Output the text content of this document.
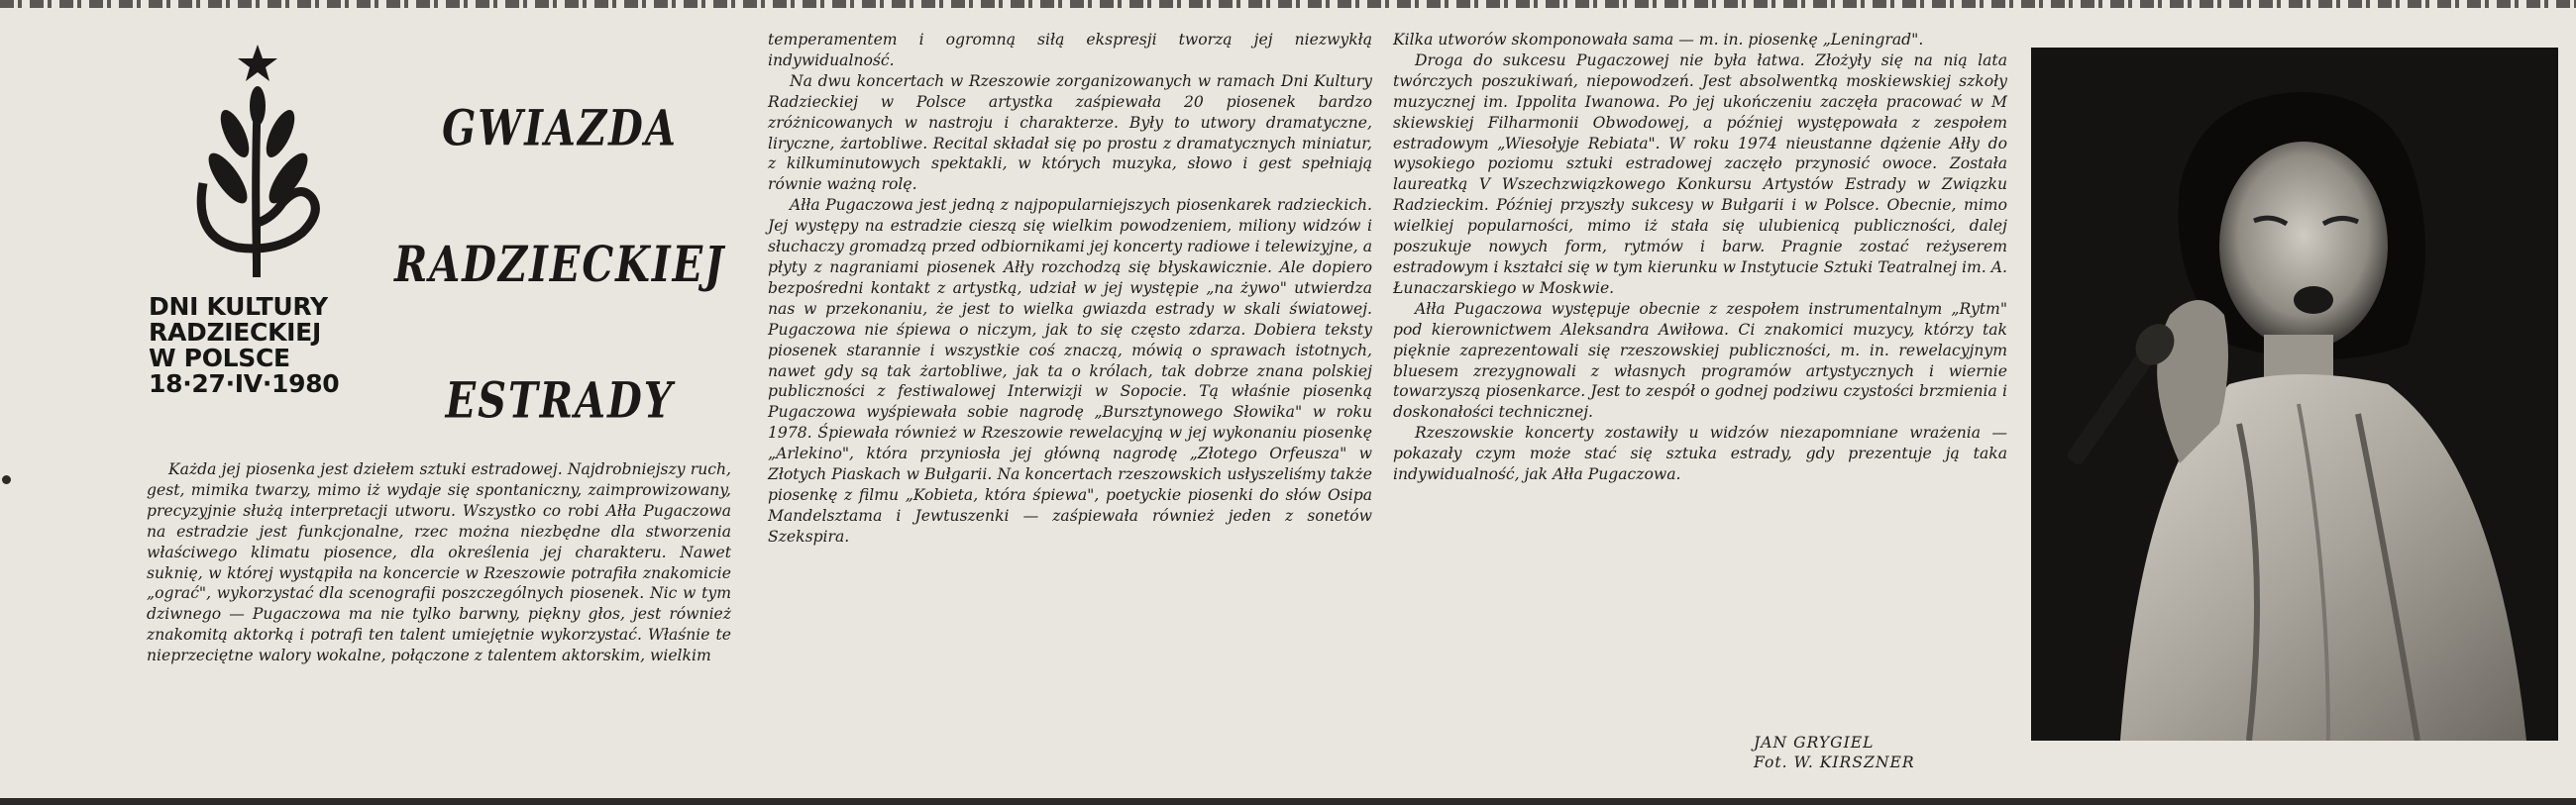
DNI KULTURY
RADZIECKIEJ
W POLSCE
18·27·IV·1980
GWIAZDA
RADZIECKIEJ
ESTRADY

Każda jej piosenka jest dziełem sztuki estradowej. Najdrobniejszy ruch, gest, mimika twarzy, mimo iż wydaje się spontaniczny, zaimprowizowany, precyzyjnie służą interpretacji utworu. Wszystko co robi Ałła Pugaczowa na estradzie jest funkcjonalne, rzec można niezbędne dla stworzenia właściwego klimatu piosence, dla określenia jej charakteru. Nawet suknię, w której wystąpiła na koncercie w Rzeszowie potrafiła znakomicie „ograć", wykorzystać dla scenografii poszczególnych piosenek. Nic w tym dziwnego — Pugaczowa ma nie tylko barwny, piękny głos, jest również znakomitą aktorką i potrafi ten talent umiejętnie wykorzystać. Właśnie te nieprzeciętne walory wokalne, połączone z talentem aktorskim, wielkim

temperamentem i ogromną siłą ekspresji tworzą jej niezwykłą indywidualność.

Na dwu koncertach w Rzeszowie zorganizowanych w ramach Dni Kultury Radzieckiej w Polsce artystka zaśpiewała 20 piosenek bardzo zróżnicowanych w nastroju i charakterze. Były to utwory dramatyczne, liryczne, żartobliwe. Recital składał się po prostu z dramatycznych miniatur, z kilkuminutowych spektakli, w których muzyka, słowo i gest spełniają równie ważną rolę.

Ałła Pugaczowa jest jedną z najpopularniejszych piosenkarek radzieckich. Jej występy na estradzie cieszą się wielkim powodzeniem, miliony widzów i słuchaczy gromadzą przed odbiornikami jej koncerty radiowe i telewizyjne, a płyty z nagraniami piosenek Ałły rozchodzą się błyskawicznie. Ale dopiero bezpośredni kontakt z artystką, udział w jej występie „na żywo" utwierdza nas w przekonaniu, że jest to wielka gwiazda estrady w skali światowej. Pugaczowa nie śpiewa o niczym, jak to się często zdarza. Dobiera teksty piosenek starannie i wszystkie coś znaczą, mówią o sprawach istotnych, nawet gdy są tak żartobliwe, jak ta o królach, tak dobrze znana polskiej publiczności z festiwalowej Interwizji w Sopocie. Tą właśnie piosenką Pugaczowa wyśpiewała sobie nagrodę „Bursztynowego Słowika" w roku 1978. Śpiewała również w Rzeszowie rewelacyjną w jej wykonaniu piosenkę „Arlekino", która przyniosła jej główną nagrodę „Złotego Orfeusza" w Złotych Piaskach w Bułgarii. Na koncertach rzeszowskich usłyszeliśmy także piosenkę z filmu „Kobieta, która śpiewa", poetyckie piosenki do słów Osipa Mandelsztama i Jewtuszenki — zaśpiewała również jeden z sonetów Szekspira.

Kilka utworów skomponowała sama — m. in. piosenkę „Leningrad".

Droga do sukcesu Pugaczowej nie była łatwa. Złożyły się na nią lata twórczych poszukiwań, niepowodzeń. Jest absolwentką moskiewskiej szkoły muzycznej im. Ippolita Iwanowa. Po jej ukończeniu zaczęła pracować w M skiewskiej Filharmonii Obwodowej, a później występowała z zespołem estradowym „Wiesołyje Rebiata". W roku 1974 nieustanne dążenie Ałły do wysokiego poziomu sztuki estradowej zaczęło przynosić owoce. Została laureatką V Wszechzwiązkowego Konkursu Artystów Estrady w Związku Radzieckim. Później przyszły sukcesy w Bułgarii i w Polsce. Obecnie, mimo wielkiej popularności, mimo iż stała się ulubienicą publiczności, dalej poszukuje nowych form, rytmów i barw. Pragnie zostać reżyserem estradowym i kształci się w tym kierunku w Instytucie Sztuki Teatralnej im. A. Łunaczarskiego w Moskwie.

Ałła Pugaczowa występuje obecnie z zespołem instrumentalnym „Rytm" pod kierownictwem Aleksandra Awiłowa. Ci znakomici muzycy, którzy tak pięknie zaprezentowali się rzeszowskiej publiczności, m. in. rewelacyjnym bluesem zrezygnowali z własnych programów artystycznych i wiernie towarzyszą piosenkarce. Jest to zespół o godnej podziwu czystości brzmienia i doskonałości technicznej.

Rzeszowskie koncerty zostawiły u widzów niezapomniane wrażenia — pokazały czym może stać się sztuka estrady, gdy prezentuje ją taka indywidualność, jak Ałła Pugaczowa.

JAN GRYGIEL
Fot. W. KIRSZNER
